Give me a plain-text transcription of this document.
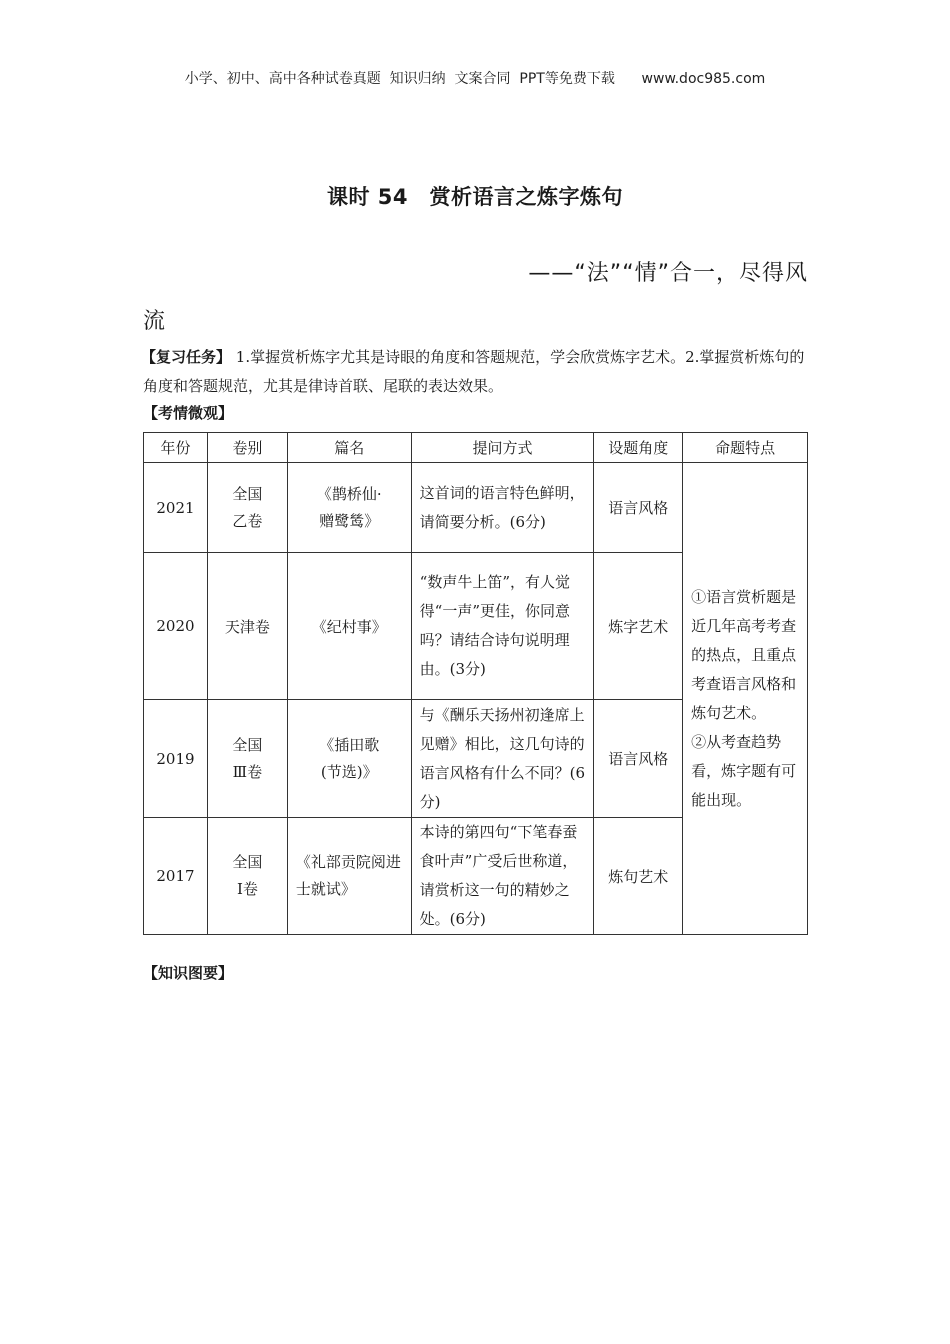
小学、初中、高中各种试卷真题  知识归纳  文案合同  PPT等免费下载      www.doc985.com
课时 54　赏析语言之炼字炼句
——“法”“情”合一，尽得风
流
【复习任务】 1.掌握赏析炼字尤其是诗眼的角度和答题规范，学会欣赏炼字艺术。2.掌握赏析炼句的角度和答题规范，尤其是律诗首联、尾联的表达效果。
【考情微观】
年份	卷别	篇名	提问方式	设题角度	命题特点
2021	全国
乙卷	《鹊桥仙·
赠鹭鸶》	这首词的语言特色鲜明，请简要分析。(6分)	语言风格	①语言赏析题是近几年高考考查的热点，且重点考查语言风格和炼句艺术。
②从考查趋势看，炼字题有可能出现。
2020	天津卷	《纪村事》	“数声牛上笛”，有人觉得“一声”更佳，你同意吗？请结合诗句说明理由。(3分)	炼字艺术	
2019	全国
Ⅲ卷	《插田歌
(节选)》	与《酬乐天扬州初逢席上见赠》相比，这几句诗的语言风格有什么不同？(6分)	语言风格	
2017	全国
Ⅰ卷	《礼部贡院阅进士就试》	本诗的第四句“下笔春蚕食叶声”广受后世称道，请赏析这一句的精妙之处。(6分)	炼句艺术	
【知识图要】
